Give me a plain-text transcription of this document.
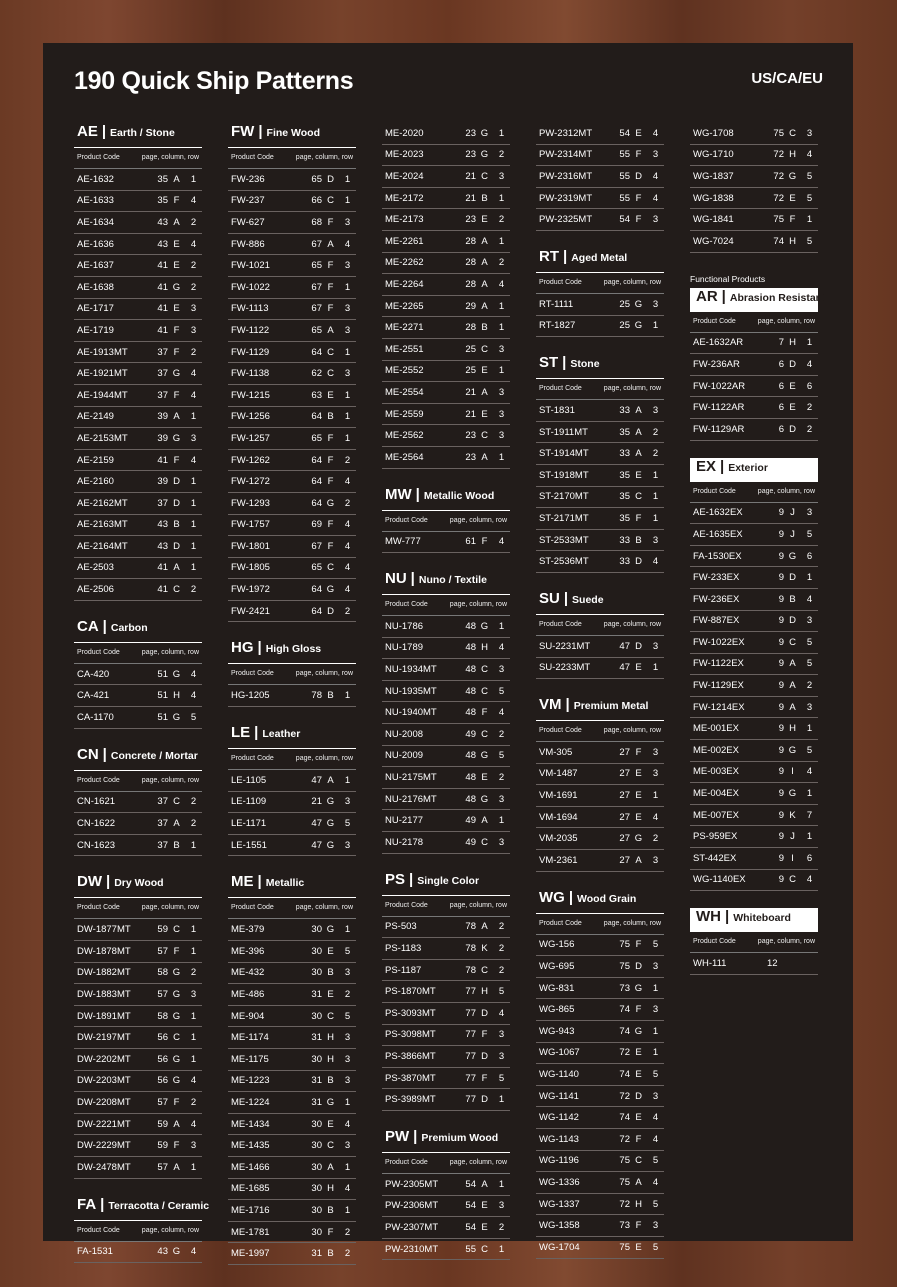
190 Quick Ship Patterns	US/CA/EU
AE | Earth / Stone
Product Code	page, column, row
AE-1632	35 A	1
AE-1633	35 F	4
AE-1634	43 A	2
AE-1636	43 E	4
AE-1637	41 E	2
AE-1638	41 G	2
AE-1717	41 E	3
AE-1719	41 F	3
AE-1913MT	37 F	2
AE-1921MT	37 G	4
AE-1944MT	37 F	4
AE-2149	39 A	1
AE-2153MT	39 G	3
AE-2159	41 F	4
AE-2160	39 D	1
AE-2162MT	37 D	1
AE-2163MT	43 B	1
AE-2164MT	43 D	1
AE-2503	41 A	1
AE-2506	41 C	2
CA | Carbon
Product Code	page, column, row
CA-420	51 G	4
CA-421	51 H	4
CA-1170	51 G	5
CN | Concrete / Mortar
Product Code	page, column, row
CN-1621	37 C	2
CN-1622	37 A	2
CN-1623	37 B	1
DW | Dry Wood
Product Code	page, column, row
DW-1877MT	59 C	1
DW-1878MT	57 F	1
DW-1882MT	58 G	2
DW-1883MT	57 G	3
DW-1891MT	58 G	1
DW-2197MT	56 C	1
DW-2202MT	56 G	1
DW-2203MT	56 G	4
DW-2208MT	57 F	2
DW-2221MT	59 A	4
DW-2229MT	59 F	3
DW-2478MT	57 A	1
FA | Terracotta / Ceramic
Product Code	page, column, row
FA-1531	43 G	4
FW | Fine Wood
Product Code	page, column, row
FW-236	65 D	1
FW-237	66 C	1
FW-627	68 F	3
FW-886	67 A	4
FW-1021	65 F	3
FW-1022	67 F	1
FW-1113	67 F	3
FW-1122	65 A	3
FW-1129	64 C	1
FW-1138	62 C	3
FW-1215	63 E	1
FW-1256	64 B	1
FW-1257	65 F	1
FW-1262	64 F	2
FW-1272	64 F	4
FW-1293	64 G	2
FW-1757	69 F	4
FW-1801	67 F	4
FW-1805	65 C	4
FW-1972	64 G	4
FW-2421	64 D	2
HG | High Gloss
Product Code	page, column, row
HG-1205	78 B	1
LE | Leather
Product Code	page, column, row
LE-1105	47 A	1
LE-1109	21 G	3
LE-1171	47 G	5
LE-1551	47 G	3
ME | Metallic
Product Code	page, column, row
ME-379	30 G	1
ME-396	30 E	5
ME-432	30 B	3
ME-486	31 E	2
ME-904	30 C	5
ME-1174	31 H	3
ME-1175	30 H	3
ME-1223	31 B	3
ME-1224	31 G	1
ME-1434	30 E	4
ME-1435	30 C	3
ME-1466	30 A	1
ME-1685	30 H	4
ME-1716	30 B	1
ME-1781	30 F	2
ME-1997	31 B	2
ME-2020	23 G	1
ME-2023	23 G	2
ME-2024	21 C	3
ME-2172	21 B	1
ME-2173	23 E	2
ME-2261	28 A	1
ME-2262	28 A	2
ME-2264	28 A	4
ME-2265	29 A	1
ME-2271	28 B	1
ME-2551	25 C	3
ME-2552	25 E	1
ME-2554	21 A	3
ME-2559	21 E	3
ME-2562	23 C	3
ME-2564	23 A	1
MW | Metallic Wood
Product Code	page, column, row
MW-777	61 F	4
NU | Nuno / Textile
Product Code	page, column, row
NU-1786	48 G	1
NU-1789	48 H	4
NU-1934MT	48 C	3
NU-1935MT	48 C	5
NU-1940MT	48 F	4
NU-2008	49 C	2
NU-2009	48 G	5
NU-2175MT	48 E	2
NU-2176MT	48 G	3
NU-2177	49 A	1
NU-2178	49 C	3
PS | Single Color
Product Code	page, column, row
PS-503	78 A	2
PS-1183	78 K	2
PS-1187	78 C	2
PS-1870MT	77 H	5
PS-3093MT	77 D	4
PS-3098MT	77 F	3
PS-3866MT	77 D	3
PS-3870MT	77 F	5
PS-3989MT	77 D	1
PW | Premium Wood
Product Code	page, column, row
PW-2305MT	54 A	1
PW-2306MT	54 E	3
PW-2307MT	54 E	2
PW-2310MT	55 C	1
PW-2312MT	54 E	4
PW-2314MT	55 F	3
PW-2316MT	55 D	4
PW-2319MT	55 F	4
PW-2325MT	54 F	3
RT | Aged Metal
Product Code	page, column, row
RT-1111	25 G	3
RT-1827	25 G	1
ST | Stone
Product Code	page, column, row
ST-1831	33 A	3
ST-1911MT	35 A	2
ST-1914MT	33 A	2
ST-1918MT	35 E	1
ST-2170MT	35 C	1
ST-2171MT	35 F	1
ST-2533MT	33 B	3
ST-2536MT	33 D	4
SU | Suede
Product Code	page, column, row
SU-2231MT	47 D	3
SU-2233MT	47 E	1
VM | Premium Metal
Product Code	page, column, row
VM-305	27 F	3
VM-1487	27 E	3
VM-1691	27 E	1
VM-1694	27 E	4
VM-2035	27 G	2
VM-2361	27 A	3
WG | Wood Grain
Product Code	page, column, row
WG-156	75 F	5
WG-695	75 D	3
WG-831	73 G	1
WG-865	74 F	3
WG-943	74 G	1
WG-1067	72 E	1
WG-1140	74 E	5
WG-1141	72 D	3
WG-1142	74 E	4
WG-1143	72 F	4
WG-1196	75 C	5
WG-1336	75 A	4
WG-1337	72 H	5
WG-1358	73 F	3
WG-1704	75 E	5
WG-1708	75 C	3
WG-1710	72 H	4
WG-1837	72 G	5
WG-1838	72 E	5
WG-1841	75 F	1
WG-7024	74 H	5
Functional Products
AR | Abrasion Resistant
Product Code	page, column, row
AE-1632AR	7 H	1
FW-236AR	6 D	4
FW-1022AR	6 E	6
FW-1122AR	6 E	2
FW-1129AR	6 D	2
EX | Exterior
Product Code	page, column, row
AE-1632EX	9 J	3
AE-1635EX	9 J	5
FA-1530EX	9 G	6
FW-233EX	9 D	1
FW-236EX	9 B	4
FW-887EX	9 D	3
FW-1022EX	9 C	5
FW-1122EX	9 A	5
FW-1129EX	9 A	2
FW-1214EX	9 A	3
ME-001EX	9 H	1
ME-002EX	9 G	5
ME-003EX	9 I	4
ME-004EX	9 G	1
ME-007EX	9 K	7
PS-959EX	9 J	1
ST-442EX	9 I	6
WG-1140EX	9 C	4
WH | Whiteboard
Product Code	page, column, row
WH-111	12
